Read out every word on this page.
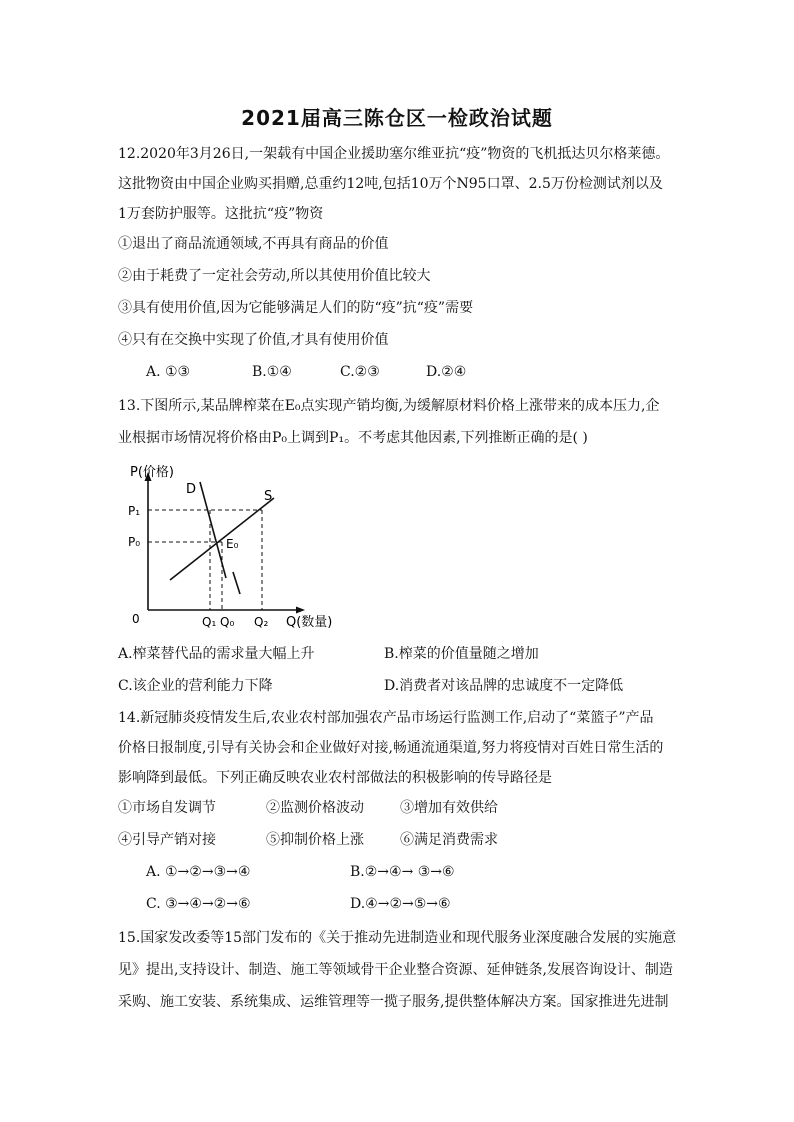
2021届高三陈仓区一检政治试题
12.2020年3月26日,一架载有中国企业援助塞尔维亚抗“疫”物资的飞机抵达贝尔格莱德。
这批物资由中国企业购买捐赠,总重约12吨,包括10万个N95口罩、2.5万份检测试剂以及
1万套防护服等。这批抗“疫”物资
①退出了商品流通领域,不再具有商品的价值
②由于耗费了一定社会劳动,所以其使用价值比较大
③具有使用价值,因为它能够满足人们的防“疫”抗“疫”需要
④只有在交换中实现了价值,才具有使用价值
A. ①③	B.①④	C.②③	D.②④
13.下图所示,某品牌榨菜在E₀点实现产销均衡,为缓解原材料价格上涨带来的成本压力,企
业根据市场情况将价格由P₀上调到P₁。不考虑其他因素,下列推断正确的是( )
P(价格)
D	S
P₁
P₀	E₀
0	Q₁ Q₀ Q₂ Q(数量)
A.榨菜替代品的需求量大幅上升	B.榨菜的价值量随之增加
C.该企业的营利能力下降	D.消费者对该品牌的忠诚度不一定降低
14.新冠肺炎疫情发生后,农业农村部加强农产品市场运行监测工作,启动了“菜篮子”产品
价格日报制度,引导有关协会和企业做好对接,畅通流通渠道,努力将疫情对百姓日常生活的
影响降到最低。下列正确反映农业农村部做法的积极影响的传导路径是
①市场自发调节	②监测价格波动	③增加有效供给
④引导产销对接	⑤抑制价格上涨	⑥满足消费需求
A. ①→②→③→④	B.②→④→ ③→⑥
C. ③→④→②→⑥	D.④→②→⑤→⑥
15.国家发改委等15部门发布的《关于推动先进制造业和现代服务业深度融合发展的实施意
见》提出,支持设计、制造、施工等领域骨干企业整合资源、延伸链条,发展咨询设计、制造
采购、施工安装、系统集成、运维管理等一揽子服务,提供整体解决方案。国家推进先进制
